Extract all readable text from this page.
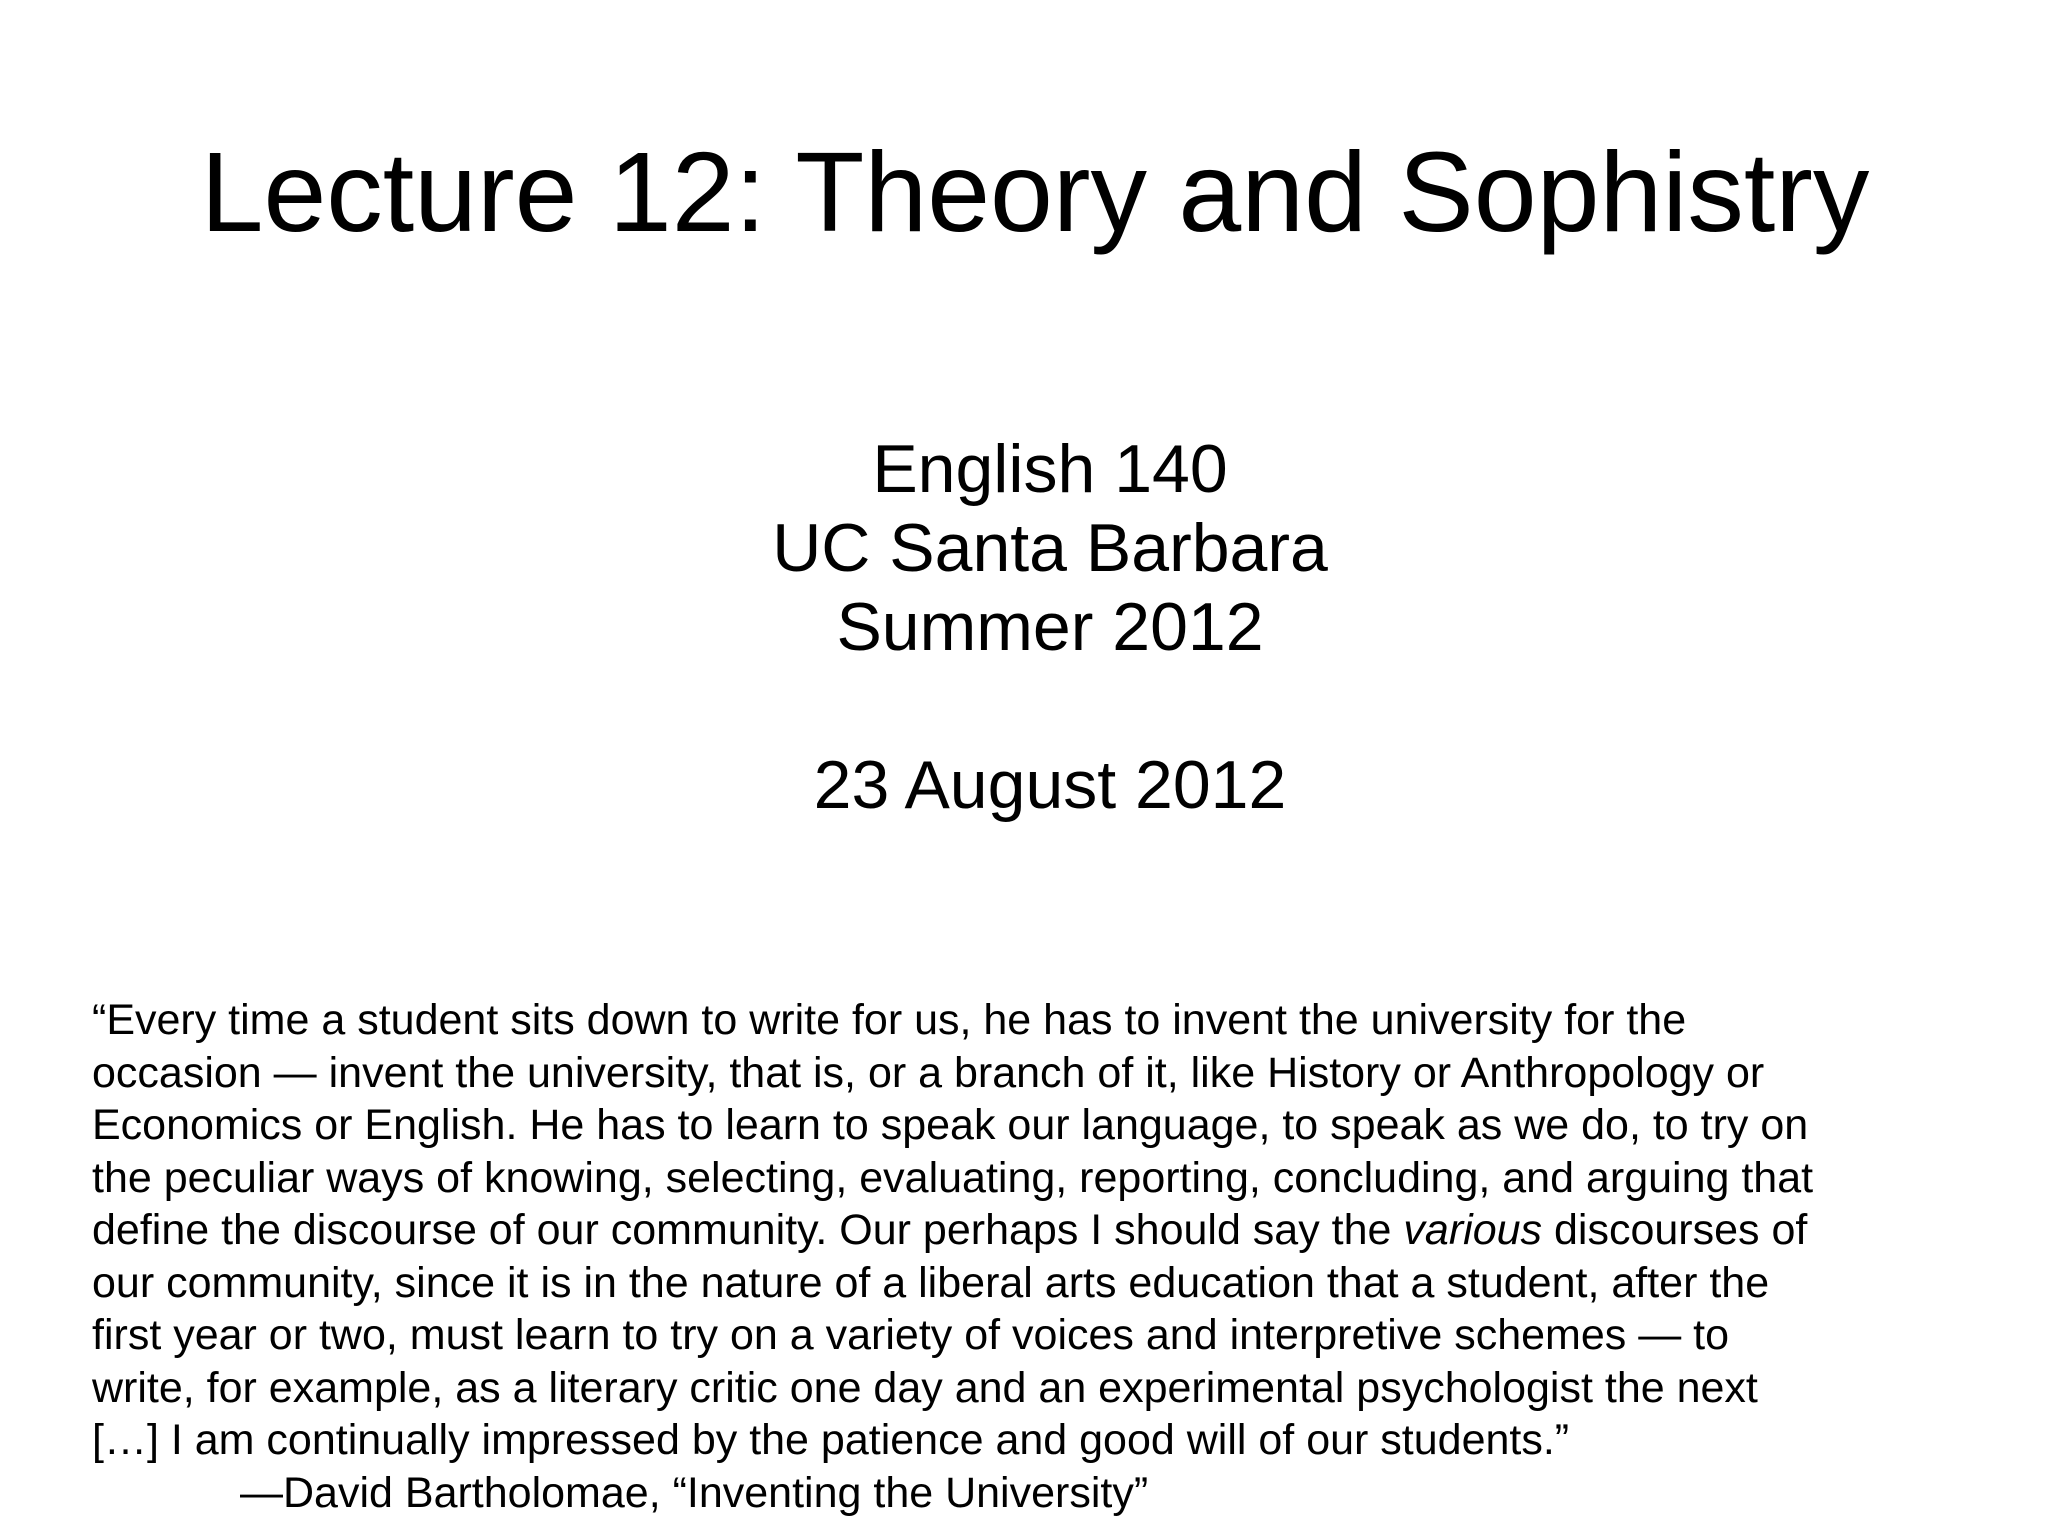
Lecture 12: Theory and Sophistry
English 140
UC Santa Barbara
Summer 2012
23 August 2012
“Every time a student sits down to write for us, he has to invent the university for the
occasion — invent the university, that is, or a branch of it, like History or Anthropology or
Economics or English. He has to learn to speak our language, to speak as we do, to try on
the peculiar ways of knowing, selecting, evaluating, reporting, concluding, and arguing that
define the discourse of our community. Our perhaps I should say the various discourses of
our community, since it is in the nature of a liberal arts education that a student, after the
first year or two, must learn to try on a variety of voices and interpretive schemes — to
write, for example, as a literary critic one day and an experimental psychologist the next
[…] I am continually impressed by the patience and good will of our students.”
—David Bartholomae, “Inventing the University”
